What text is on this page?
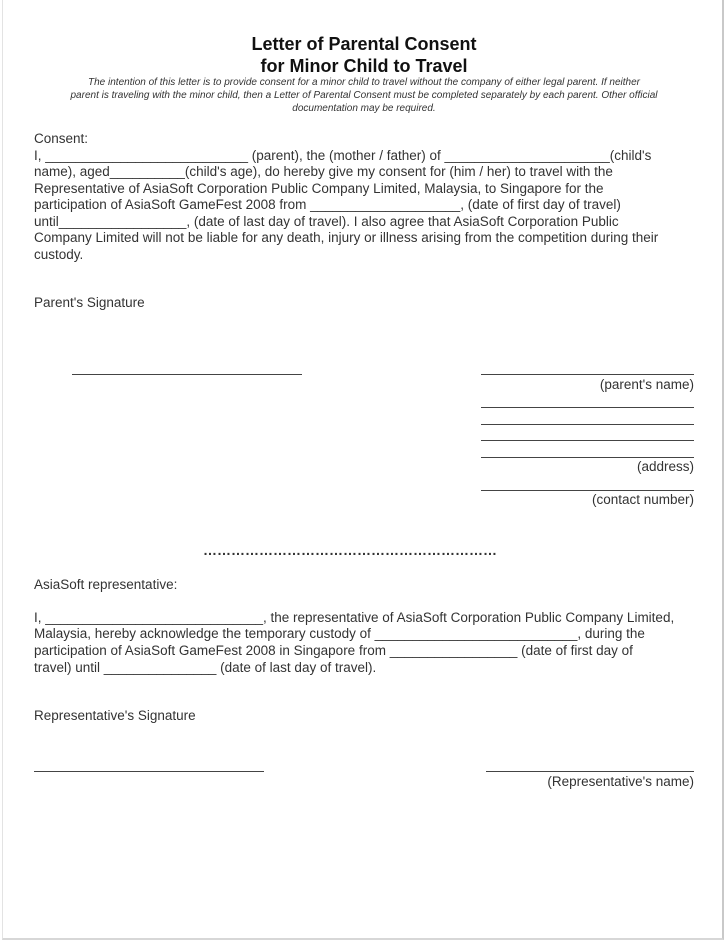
Letter of Parental Consent
for Minor Child to Travel
The intention of this letter is to provide consent for a minor child to travel without the company of either legal parent. If neither
parent is traveling with the minor child, then a Letter of Parental Consent must be completed separately by each parent. Other official
documentation may be required.
Consent:
I, ___________________________ (parent), the (mother / father) of ______________________(child's
name), aged__________(child's age), do hereby give my consent for (him / her) to travel with the
Representative of AsiaSoft Corporation Public Company Limited, Malaysia, to Singapore for the
participation of AsiaSoft GameFest 2008 from ____________________, (date of first day of travel)
until_________________, (date of last day of travel). I also agree that AsiaSoft Corporation Public
Company Limited will not be liable for any death, injury or illness arising from the competition during their
custody.
Parent's Signature
(parent's name)
(address)
(contact number)
………………………………………………………
AsiaSoft representative:
I, _____________________________, the representative of AsiaSoft Corporation Public Company Limited,
Malaysia, hereby acknowledge the temporary custody of ___________________________, during the
participation of AsiaSoft GameFest 2008 in Singapore from _________________ (date of first day of
travel) until _______________ (date of last day of travel).
Representative's Signature
(Representative's name)
